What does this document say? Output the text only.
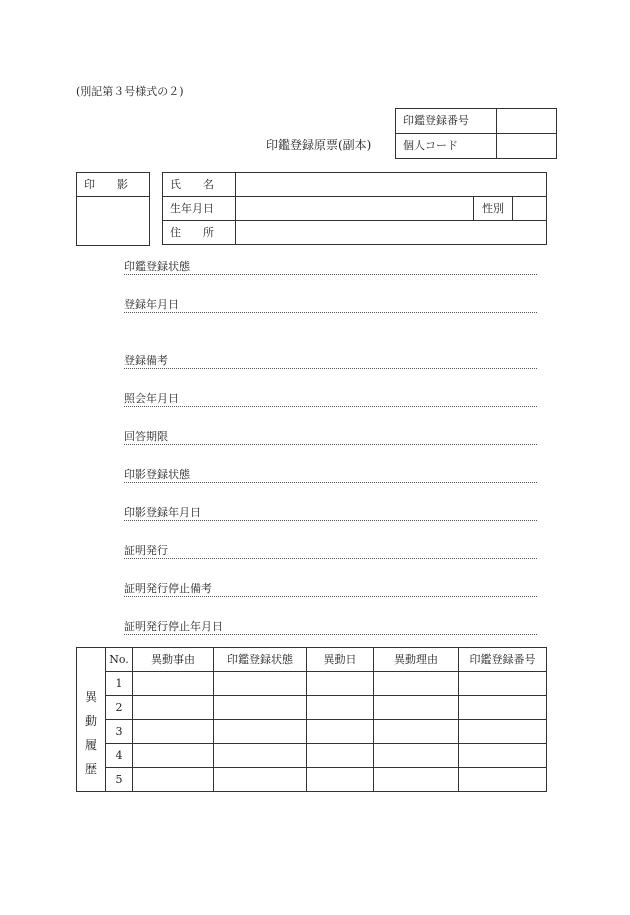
(別記第３号様式の２)
印鑑登録原票(副本)
印鑑登録番号	
個人コード	
印　　影	氏　　名			
生年月日		性別	
住　　所			
印鑑登録状態
登録年月日
登録備考
照会年月日
回答期限
印影登録状態
印影登録年月日
証明発行
証明発行停止備考
証明発行停止年月日
異
動
履
歴	No.	異動事由	印鑑登録状態	異動日	異動理由	印鑑登録番号
	1					
	2					
	3					
	4					
	5					
